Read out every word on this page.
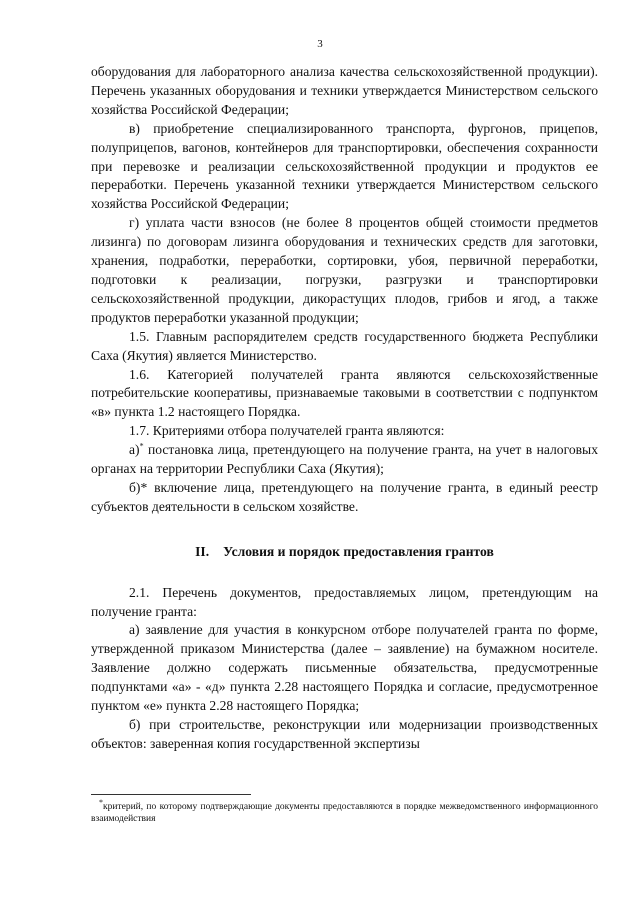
3

оборудования для лабораторного анализа качества сельскохозяйственной продукции). Перечень указанных оборудования и техники утверждается Министерством сельского хозяйства Российской Федерации;

в) приобретение специализированного транспорта, фургонов, прицепов, полуприцепов, вагонов, контейнеров для транспортировки, обеспечения сохранности при перевозке и реализации сельскохозяйственной продукции и продуктов ее переработки. Перечень указанной техники утверждается Министерством сельского хозяйства Российской Федерации;

г) уплата части взносов (не более 8 процентов общей стоимости предметов лизинга) по договорам лизинга оборудования и технических средств для заготовки, хранения, подработки, переработки, сортировки, убоя, первичной переработки, подготовки к реализации, погрузки, разгрузки и транспортировки сельскохозяйственной продукции, дикорастущих плодов, грибов и ягод, а также продуктов переработки указанной продукции;

1.5. Главным распорядителем средств государственного бюджета Республики Саха (Якутия) является Министерство.

1.6. Категорией получателей гранта являются сельскохозяйственные потребительские кооперативы, признаваемые таковыми в соответствии с подпунктом «в» пункта 1.2 настоящего Порядка.

1.7. Критериями отбора получателей гранта являются:

а)* постановка лица, претендующего на получение гранта, на учет в налоговых органах на территории Республики Саха (Якутия);

б)* включение лица, претендующего на получение гранта, в единый реестр субъектов деятельности в сельском хозяйстве.

II. Условия и порядок предоставления грантов

2.1. Перечень документов, предоставляемых лицом, претендующим на получение гранта:

а) заявление для участия в конкурсном отборе получателей гранта по форме, утвержденной приказом Министерства (далее – заявление) на бумажном носителе. Заявление должно содержать письменные обязательства, предусмотренные подпунктами «а» - «д» пункта 2.28 настоящего Порядка и согласие, предусмотренное пунктом «е» пункта 2.28 настоящего Порядка;

б) при строительстве, реконструкции или модернизации производственных объектов: заверенная копия государственной экспертизы

*критерий, по которому подтверждающие документы предоставляются в порядке межведомственного информационного взаимодействия
